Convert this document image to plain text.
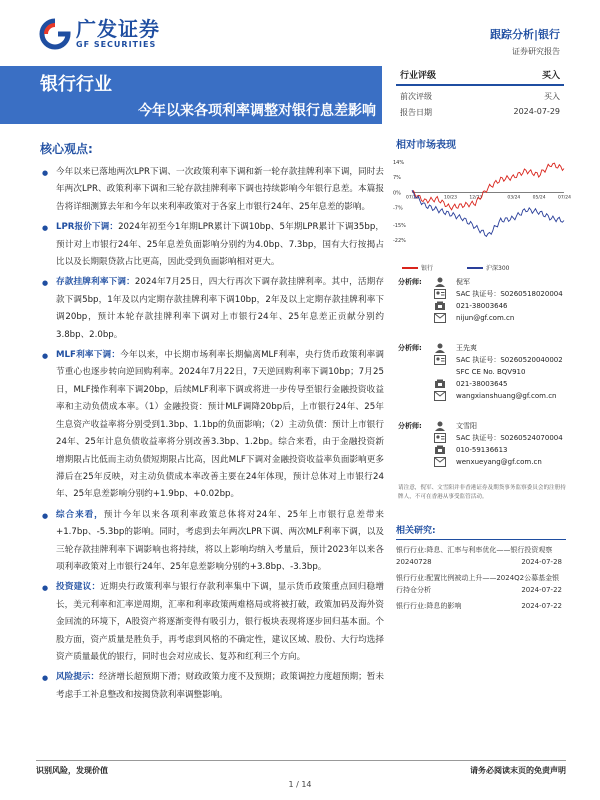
广发证券
GF SECURITIES
跟踪分析|银行
证券研究报告
银行行业
今年以来各项利率调整对银行息差影响
行业评级	买入
前次评级	买入
报告日期	2024-07-29
核心观点:
● 今年以来已落地两次LPR下调、一次政策利率下调和新一轮存款挂牌利率下调，同时去年两次LPR、政策利率下调和三轮存款挂牌利率下调也持续影响今年银行息差。本篇报告将详细测算去年和今年以来利率政策对于各家上市银行24年、25年息差的影响。
● LPR报价下调：2024年初至今1年期LPR累计下调10bp、5年期LPR累计下调35bp，预计对上市银行24年、25年息差负面影响分别约为4.0bp、7.3bp，国有大行按揭占比以及长期限贷款占比更高，因此受到负面影响相对更大。
● 存款挂牌利率下调：2024年7月25日，四大行再次下调存款挂牌利率。其中，活期存款下调5bp，1年及以内定期存款挂牌利率下调10bp，2年及以上定期存款挂牌利率下调20bp，预计本轮存款挂牌利率下调对上市银行24年、25年息差正贡献分别约3.8bp、2.0bp。
● MLF利率下调：今年以来，中长期市场利率长期偏离MLF利率，央行货币政策利率调节重心也逐步转向逆回购利率。2024年7月22日，7天逆回购利率下调10bp；7月25日，MLF操作利率下调20bp，后续MLF利率下调或将进一步传导至银行金融投资收益率和主动负债成本率。（1）金融投资：预计MLF调降20bp后，上市银行24年、25年生息资产收益率将分别受到1.3bp、1.1bp的负面影响；（2）主动负债：预计上市银行24年、25年计息负债收益率将分别改善3.3bp、1.2bp。综合来看，由于金融投资新增期限占比低而主动负债短期限占比高，因此MLF下调对金融投资收益率负面影响更多滞后在25年反映，对主动负债成本率改善主要在24年体现，预计总体对上市银行24年、25年息差影响分别约+1.9bp、+0.02bp。
● 综合来看，预计今年以来各项利率政策总体将对24年、25年上市银行息差带来+1.7bp、-5.3bp的影响。同时，考虑到去年两次LPR下调、两次MLF利率下调，以及三轮存款挂牌利率下调影响也将持续，将以上影响均纳入考量后，预计2023年以来各项利率政策对上市银行24年、25年息差影响分别约+3.8bp、-3.3bp。
● 投资建议：近期央行政策利率与银行存款利率集中下调，显示货币政策重点回归稳增长，美元利率和汇率逆周期，汇率和利率政策两难格局或将被打破，政策加码及海外资金回流的环境下，A股资产将逐渐变得有吸引力，银行板块表现将逐步回归基本面。个股方面，资产质量是胜负手，再考虑到风格的不确定性，建议区域、股份、大行均选择资产质量最优的银行，同时也会对应成长、复苏和红利三个方向。
● 风险提示：经济增长超预期下滑；财政政策力度不及预期；政策调控力度超预期；暂未考虑手工补息整改和按揭贷款利率调整影响。
相对市场表现
14%
7%
0%
-7%
-15%
-22%
07/23	10/23	12/23	03/24	05/24	07/24
银行	沪深300
分析师:	倪军
SAC 执证号：S0260518020004
021-38003646
nijun@gf.com.cn
分析师:	王先爽
SAC 执证号：S0260520040002
SFC CE No. BQV910
021-38003645
wangxianshuang@gf.com.cn
分析师:	文雪阳
SAC 执证号：S0260524070004
010-59136613
wenxueyang@gf.com.cn
请注意，倪军、文雪阳并非香港证券及期货事务监察委员会的注册持牌人，不可在香港从事受监管活动。
相关研究:
银行行业:降息、汇率与利率优化——银行投资观察20240728	2024-07-28
银行行业:配置比例被动上升——2024Q2公募基金银行持仓分析	2024-07-22
银行行业:降息的影响	2024-07-22
识别风险，发现价值	请务必阅读末页的免责声明
1 / 14
